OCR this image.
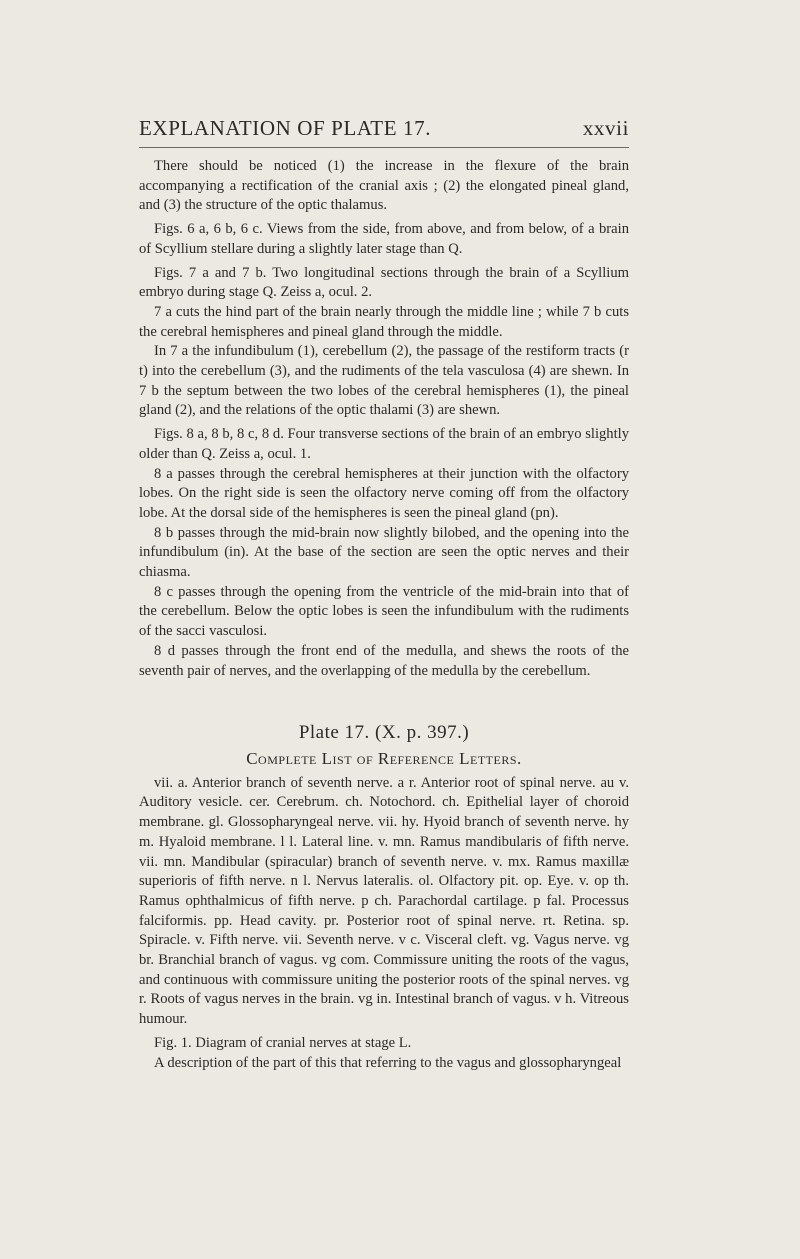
EXPLANATION OF PLATE 17.	xxvii

There should be noticed (1) the increase in the flexure of the brain accompanying a rectification of the cranial axis ; (2) the elongated pineal gland, and (3) the structure of the optic thalamus.

Figs. 6 a, 6 b, 6 c. Views from the side, from above, and from below, of a brain of Scyllium stellare during a slightly later stage than Q.

Figs. 7 a and 7 b. Two longitudinal sections through the brain of a Scyllium embryo during stage Q. Zeiss a, ocul. 2.

7 a cuts the hind part of the brain nearly through the middle line ; while 7 b cuts the cerebral hemispheres and pineal gland through the middle.

In 7 a the infundibulum (1), cerebellum (2), the passage of the restiform tracts (r t) into the cerebellum (3), and the rudiments of the tela vasculosa (4) are shewn. In 7 b the septum between the two lobes of the cerebral hemispheres (1), the pineal gland (2), and the relations of the optic thalami (3) are shewn.

Figs. 8 a, 8 b, 8 c, 8 d. Four transverse sections of the brain of an embryo slightly older than Q. Zeiss a, ocul. 1.

8 a passes through the cerebral hemispheres at their junction with the olfactory lobes. On the right side is seen the olfactory nerve coming off from the olfactory lobe. At the dorsal side of the hemispheres is seen the pineal gland (pn).

8 b passes through the mid-brain now slightly bilobed, and the opening into the infundibulum (in). At the base of the section are seen the optic nerves and their chiasma.

8 c passes through the opening from the ventricle of the mid-brain into that of the cerebellum. Below the optic lobes is seen the infundibulum with the rudiments of the sacci vasculosi.

8 d passes through the front end of the medulla, and shews the roots of the seventh pair of nerves, and the overlapping of the medulla by the cerebellum.

Plate 17. (X. p. 397.)

Complete List of Reference Letters.

vii. a. Anterior branch of seventh nerve. a r. Anterior root of spinal nerve. au v. Auditory vesicle. cer. Cerebrum. ch. Notochord. ch. Epithelial layer of choroid membrane. gl. Glossopharyngeal nerve. vii. hy. Hyoid branch of seventh nerve. hy m. Hyaloid membrane. l l. Lateral line. v. mn. Ramus mandibularis of fifth nerve. vii. mn. Mandibular (spiracular) branch of seventh nerve. v. mx. Ramus maxillæ superioris of fifth nerve. n l. Nervus lateralis. ol. Olfactory pit. op. Eye. v. op th. Ramus ophthalmicus of fifth nerve. p ch. Parachordal cartilage. p fal. Processus falciformis. pp. Head cavity. pr. Posterior root of spinal nerve. rt. Retina. sp. Spiracle. v. Fifth nerve. vii. Seventh nerve. v c. Visceral cleft. vg. Vagus nerve. vg br. Branchial branch of vagus. vg com. Commissure uniting the roots of the vagus, and continuous with commissure uniting the posterior roots of the spinal nerves. vg r. Roots of vagus nerves in the brain. vg in. Intestinal branch of vagus. v h. Vitreous humour.

Fig. 1. Diagram of cranial nerves at stage L.

A description of the part of this that referring to the vagus and glossopharyngeal
